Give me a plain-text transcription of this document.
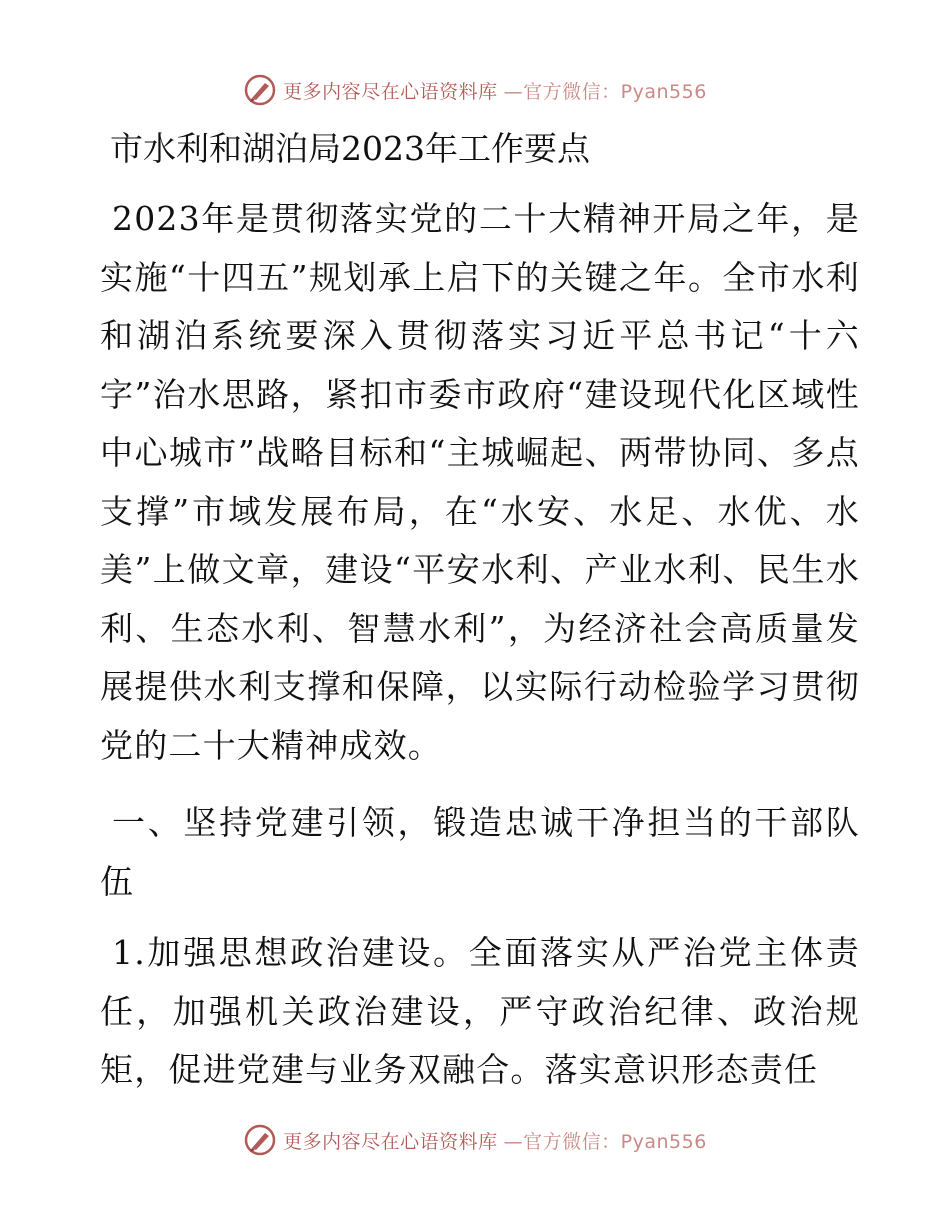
更多内容尽在心语资料库 —官方微信：Pyan556
市水利和湖泊局2023年工作要点
2023年是贯彻落实党的二十大精神开局之年，是实施“十四五”规划承上启下的关键之年。全市水利和湖泊系统要深入贯彻落实习近平总书记“十六字”治水思路，紧扣市委市政府“建设现代化区域性中心城市”战略目标和“主城崛起、两带协同、多点支撑”市域发展布局，在“水安、水足、水优、水美”上做文章，建设“平安水利、产业水利、民生水利、生态水利、智慧水利”，为经济社会高质量发展提供水利支撑和保障，以实际行动检验学习贯彻党的二十大精神成效。
一、坚持党建引领，锻造忠诚干净担当的干部队伍
1.加强思想政治建设。全面落实从严治党主体责任，加强机关政治建设，严守政治纪律、政治规矩，促进党建与业务双融合。落实意识形态责任
更多内容尽在心语资料库 —官方微信：Pyan556
